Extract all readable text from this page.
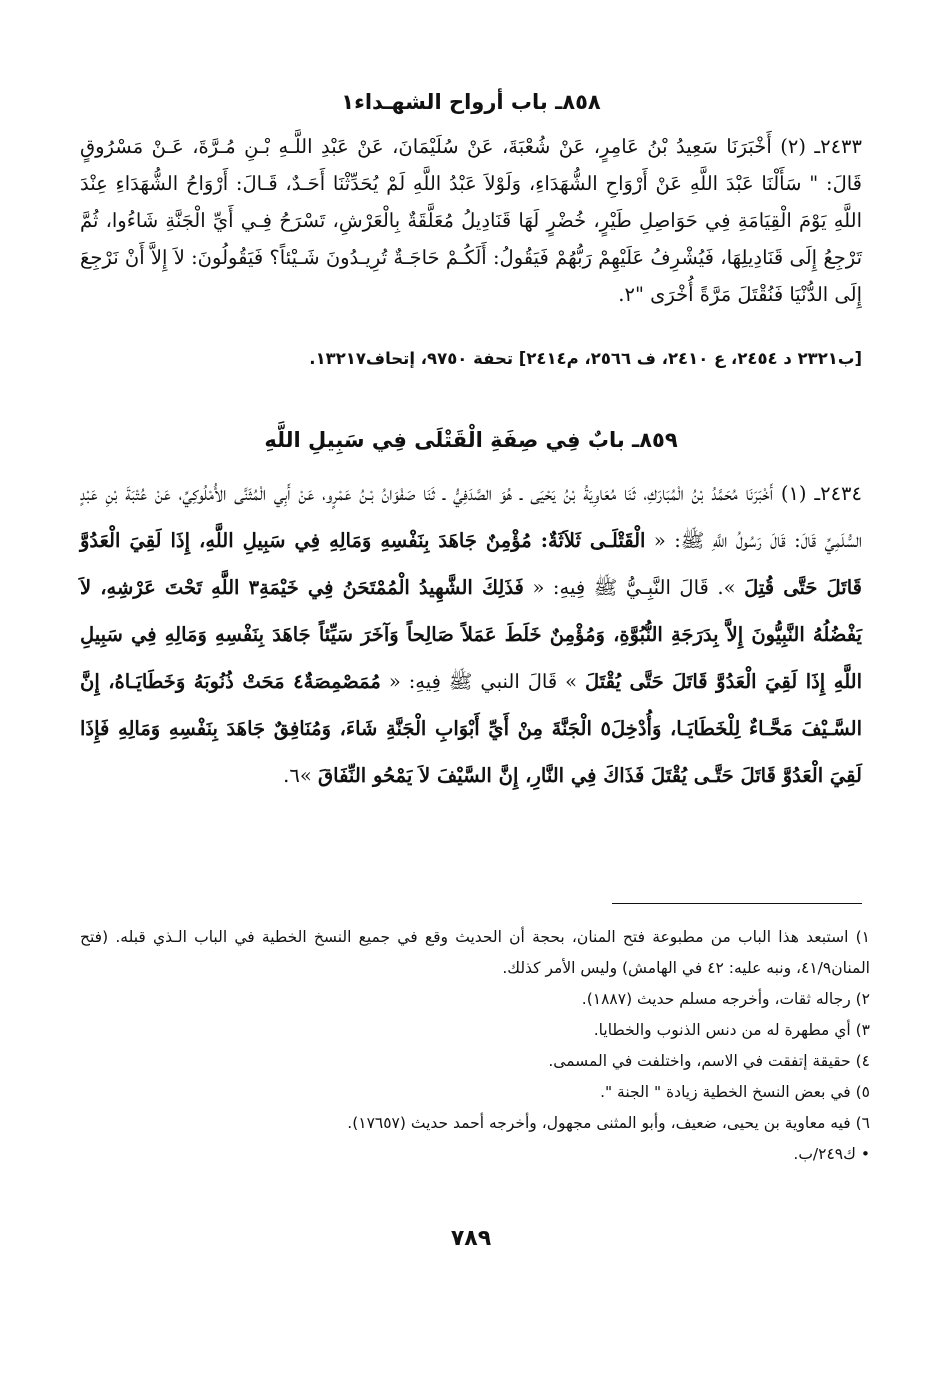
٨٥٨ـ باب أرواح الشهـداء١
٢٤٣٣ـ (٢) أَخْبَرَنَا سَعِيدُ بْنُ عَامِرٍ، عَنْ شُعْبَةَ، عَنْ سُلَيْمَانَ، عَنْ عَبْدِ اللَّـهِ بْـنِ مُـرَّةَ، عَـنْ مَسْرُوقٍ قَالَ: " سَأَلْنَا عَبْدَ اللَّهِ عَنْ أَرْوَاحِ الشُّهَدَاءِ، وَلَوْلاَ عَبْدُ اللَّهِ لَمْ يُحَدِّثْنَا أَحَـدٌ، قَـالَ: أَرْوَاحُ الشُّهَدَاءِ عِنْدَ اللَّهِ يَوْمَ الْقِيَامَةِ فِي حَوَاصِلِ طَيْرٍ، خُضْرٍ لَهَا قَنَادِيلُ مُعَلَّقَةٌ بِالْعَرْشِ، تَسْرَحُ فِـي أَيِّ الْجَنَّةِ شَاءُوا، ثُمَّ تَرْجِعُ إِلَى قَنَادِيلِهَا، فَيُشْرِفُ عَلَيْهِمْ رَبُّهُمْ فَيَقُولُ: أَلَكُـمْ حَاجَـةٌ تُرِيـدُونَ شَـيْئاً؟ فَيَقُولُونَ: لاَ إِلاَّ أَنْ نَرْجِعَ إِلَى الدُّنْيَا فَنُقْتَلَ مَرَّةً أُخْرَى "٢.
[ب٢٣٢١ د ٢٤٥٤، ع ٢٤١٠، ف ٢٥٦٦، م٢٤١٤] تحفة ٩٧٥٠، إتحاف١٣٢١٧.
٨٥٩ـ بابٌ فِي صِفَةِ الْقَتْلَى فِي سَبِيلِ اللَّهِ
٢٤٣٤ـ (١) أَخْبَرَنَا مُحَمَّدُ بْنُ الْمُبَارَكِ، ثَنَا مُعَاوِيَةُ بْنُ يَحْيَى ـ هُوَ الصَّدَفِيُّ ـ ثَنَا صَفْوَانُ بْـنُ عَمْرٍو، عَنْ أَبِي الْمُثَنَّى الأُمْلُوكِيِّ، عَنْ عُتْبَةَ بْنِ عَبْدٍ السُّلَمِيِّ قَالَ: قَالَ رَسُولُ اللَّهِ ﷺ: « الْقَتْلَـى ثَلاَثَةٌ: مُؤْمِنٌ جَاهَدَ بِنَفْسِهِ وَمَالِهِ فِي سَبِيلِ اللَّهِ، إِذَا لَقِيَ الْعَدُوَّ قَاتَلَ حَتَّى قُتِلَ ». قَالَ النَّبِـيُّ ﷺ فِيهِ: « فَذَلِكَ الشَّهِيدُ الْمُمْتَحَنُ فِي خَيْمَةِ٣ اللَّهِ تَحْتَ عَرْشِهِ، لاَ يَفْضُلُهُ النَّبِيُّونَ إِلاَّ بِدَرَجَةِ النُّبُوَّةِ، وَمُؤْمِنٌ خَلَطَ عَمَلاً صَالِحاً وَآخَرَ سَيِّئاً جَاهَدَ بِنَفْسِهِ وَمَالِهِ فِي سَبِيلِ اللَّهِ إِذَا لَقِيَ الْعَدُوَّ قَاتَلَ حَتَّى يُقْتَلَ » قَالَ النبي ﷺ فِيهِ: « مُمَصْمِصَةٌ٤ مَحَتْ ذُنُوبَهُ وَخَطَايَـاهُ، إِنَّ السَّـيْفَ مَحَّـاءٌ لِلْخَطَايَـا، وَأُدْخِلَ٥ الْجَنَّةَ مِنْ أَيِّ أَبْوَابِ الْجَنَّةِ شَاءَ، وَمُنَافِقٌ جَاهَدَ بِنَفْسِهِ وَمَالِهِ فَإِذَا لَقِيَ الْعَدُوَّ قَاتَلَ حَتَّـى يُقْتَلَ فَذَاكَ فِي النَّارِ، إِنَّ السَّيْفَ لاَ يَمْحُو النِّفَاقَ »٦.
١) استبعد هذا الباب من مطبوعة فتح المنان، بحجة أن الحديث وقع في جميع النسخ الخطية في الباب الـذي قبله. (فتح المنان٤١/٩، ونبه عليه: ٤٢ في الهامش) وليس الأمر كذلك.
٢) رجاله ثقات، وأخرجه مسلم حديث (١٨٨٧).
٣) أي مطهرة له من دنس الذنوب والخطايا.
٤) حقيقة إتفقت في الاسم، واختلفت في المسمى.
٥) في بعض النسخ الخطية زيادة " الجنة ".
٦) فيه معاوية بن يحيى، ضعيف، وأبو المثنى مجهول، وأخرجه أحمد حديث (١٧٦٥٧).
• ك٢٤٩/ب.
٧٨٩
